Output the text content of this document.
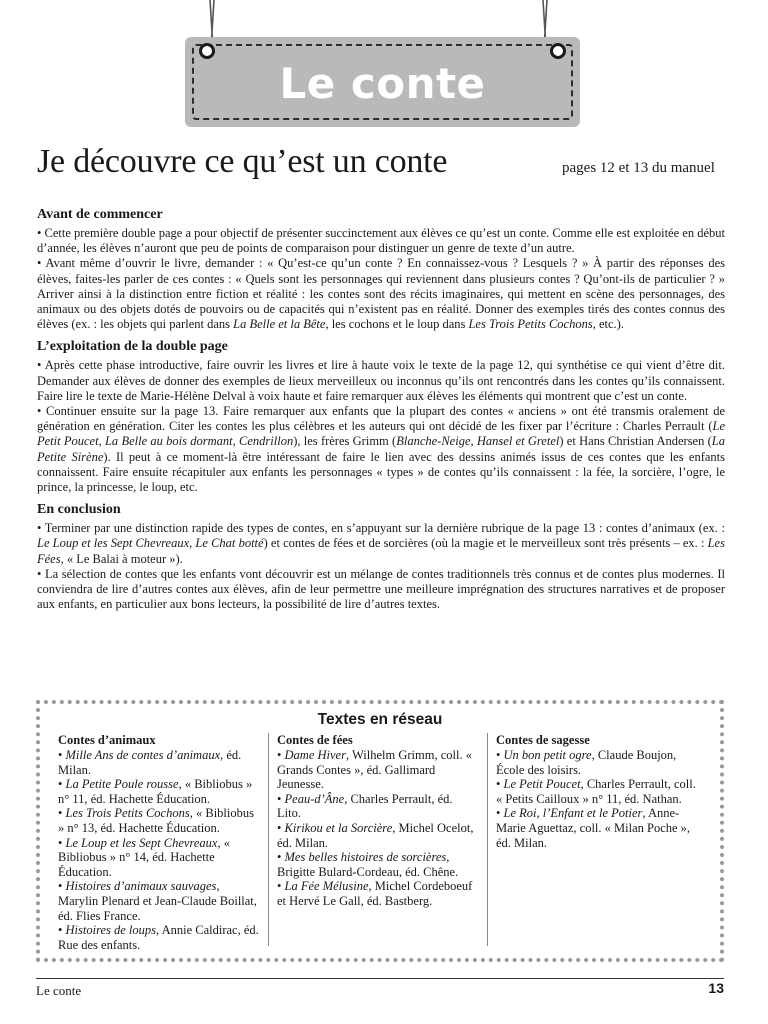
Le conte
Je découvre ce qu’est un conte	pages 12 et 13 du manuel
Avant de commencer

• Cette première double page a pour objectif de présenter succinctement aux élèves ce qu’est un conte. Comme elle est exploitée en début d’année, les élèves n’auront que peu de points de comparaison pour distinguer un genre de texte d’un autre.

• Avant même d’ouvrir le livre, demander : « Qu’est-ce qu’un conte ? En connaissez-vous ? Lesquels ? » À partir des réponses des élèves, faites-les parler de ces contes : « Quels sont les personnages qui reviennent dans plusieurs contes ? Qu’ont-ils de particulier ? » Arriver ainsi à la distinction entre fiction et réalité : les contes sont des récits imaginaires, qui mettent en scène des personnages, des animaux ou des objets dotés de pouvoirs ou de capacités qui n’existent pas en réalité. Donner des exemples tirés des contes connus des élèves (ex. : les objets qui parlent dans La Belle et la Bête, les cochons et le loup dans Les Trois Petits Cochons, etc.).

L’exploitation de la double page

• Après cette phase introductive, faire ouvrir les livres et lire à haute voix le texte de la page 12, qui synthétise ce qui vient d’être dit. Demander aux élèves de donner des exemples de lieux merveilleux ou inconnus qu’ils ont rencontrés dans les contes qu’ils connaissent. Faire lire le texte de Marie-Hélène Delval à voix haute et faire remarquer aux élèves les éléments qui montrent que c’est un conte.

• Continuer ensuite sur la page 13. Faire remarquer aux enfants que la plupart des contes « anciens » ont été transmis oralement de génération en génération. Citer les contes les plus célèbres et les auteurs qui ont décidé de les fixer par l’écriture : Charles Perrault (Le Petit Poucet, La Belle au bois dormant, Cendrillon), les frères Grimm (Blanche-Neige, Hansel et Gretel) et Hans Christian Andersen (La Petite Sirène). Il peut à ce moment-là être intéressant de faire le lien avec des dessins animés issus de ces contes que les enfants connaissent. Faire ensuite récapituler aux enfants les personnages « types » de contes qu’ils connaissent : la fée, la sorcière, l’ogre, le prince, la princesse, le loup, etc.

En conclusion

• Terminer par une distinction rapide des types de contes, en s’appuyant sur la dernière rubrique de la page 13 : contes d’animaux (ex. : Le Loup et les Sept Chevreaux, Le Chat botté) et contes de fées et de sorcières (où la magie et le merveilleux sont très présents – ex. : Les Fées, « Le Balai à moteur »).

• La sélection de contes que les enfants vont découvrir est un mélange de contes traditionnels très connus et de contes plus modernes. Il conviendra de lire d’autres contes aux élèves, afin de leur permettre une meilleure imprégnation des structures narratives et de proposer aux enfants, en particulier aux bons lecteurs, la possibilité de lire d’autres textes.

Textes en réseau
Contes d’animaux

• Mille Ans de contes d’animaux, éd. Milan.

• La Petite Poule rousse, « Bibliobus » n° 11, éd. Hachette Éducation.

• Les Trois Petits Cochons, « Bibliobus » n° 13, éd. Hachette Éducation.

• Le Loup et les Sept Chevreaux, « Bibliobus » n° 14, éd. Hachette Éducation.

• Histoires d’animaux sauvages, Marylin Plenard et Jean-Claude Boillat, éd. Flies France.

• Histoires de loups, Annie Caldirac, éd. Rue des enfants.

Contes de fées

• Dame Hiver, Wilhelm Grimm, coll. « Grands Contes », éd. Gallimard Jeunesse.

• Peau-d’Âne, Charles Perrault, éd. Lito.

• Kirikou et la Sorcière, Michel Ocelot, éd. Milan.

• Mes belles histoires de sorcières, Brigitte Bulard-Cordeau, éd. Chêne.

• La Fée Mélusine, Michel Cordeboeuf et Hervé Le Gall, éd. Bastberg.

Contes de sagesse

• Un bon petit ogre, Claude Boujon, École des loisirs.

• Le Petit Poucet, Charles Perrault, coll. « Petits Cailloux » n° 11, éd. Nathan.

• Le Roi, l’Enfant et le Potier, Anne-Marie Aguettaz, coll. « Milan Poche », éd. Milan.

Le conte	13
